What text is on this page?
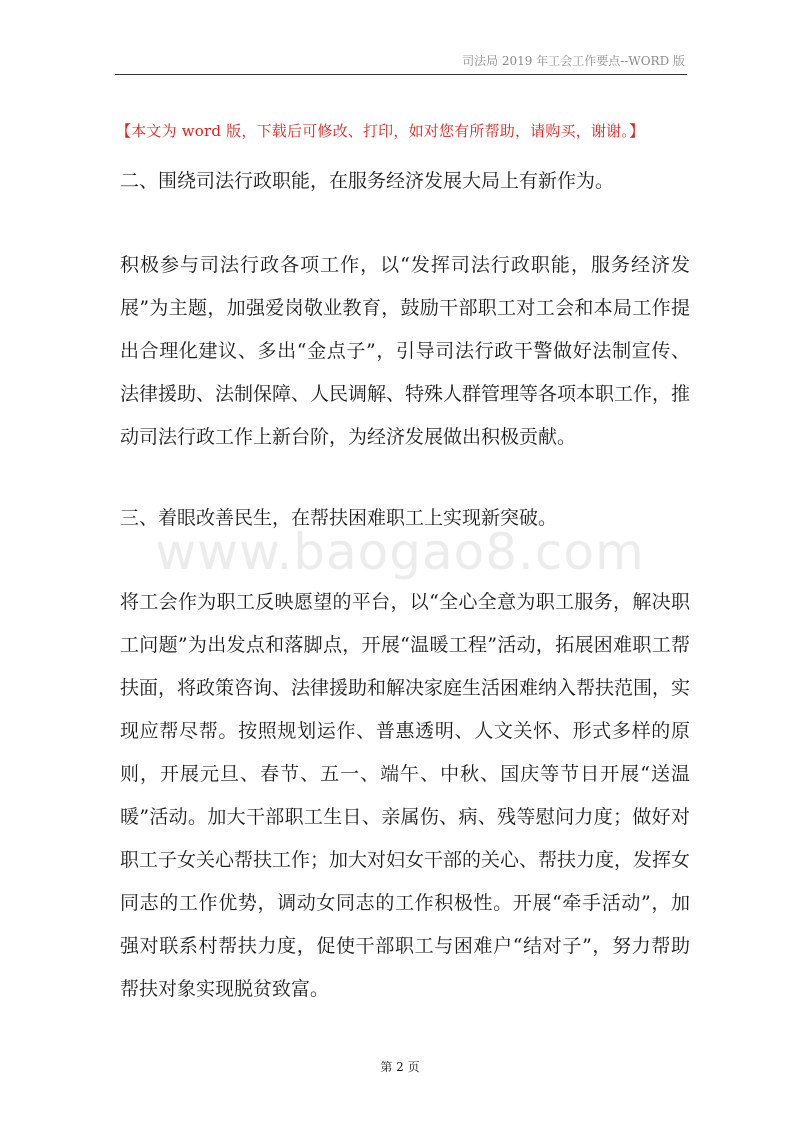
司法局 2019 年工会工作要点--WORD 版
【本文为 word 版，下载后可修改、打印，如对您有所帮助，请购买，谢谢。】
www.baogao8.com

二、围绕司法行政职能，在服务经济发展大局上有新作为。

积极参与司法行政各项工作，以“发挥司法行政职能，服务经济发展”为主题，加强爱岗敬业教育，鼓励干部职工对工会和本局工作提出合理化建议、多出“金点子”，引导司法行政干警做好法制宣传、法律援助、法制保障、人民调解、特殊人群管理等各项本职工作，推动司法行政工作上新台阶，为经济发展做出积极贡献。

三、着眼改善民生，在帮扶困难职工上实现新突破。

将工会作为职工反映愿望的平台，以“全心全意为职工服务，解决职工问题”为出发点和落脚点，开展“温暖工程”活动，拓展困难职工帮扶面，将政策咨询、法律援助和解决家庭生活困难纳入帮扶范围，实现应帮尽帮。按照规划运作、普惠透明、人文关怀、形式多样的原则，开展元旦、春节、五一、端午、中秋、国庆等节日开展“送温暖”活动。加大干部职工生日、亲属伤、病、残等慰问力度；做好对职工子女关心帮扶工作；加大对妇女干部的关心、帮扶力度，发挥女同志的工作优势，调动女同志的工作积极性。开展“牵手活动”，加强对联系村帮扶力度，促使干部职工与困难户“结对子”，努力帮助帮扶对象实现脱贫致富。

第 2 页
